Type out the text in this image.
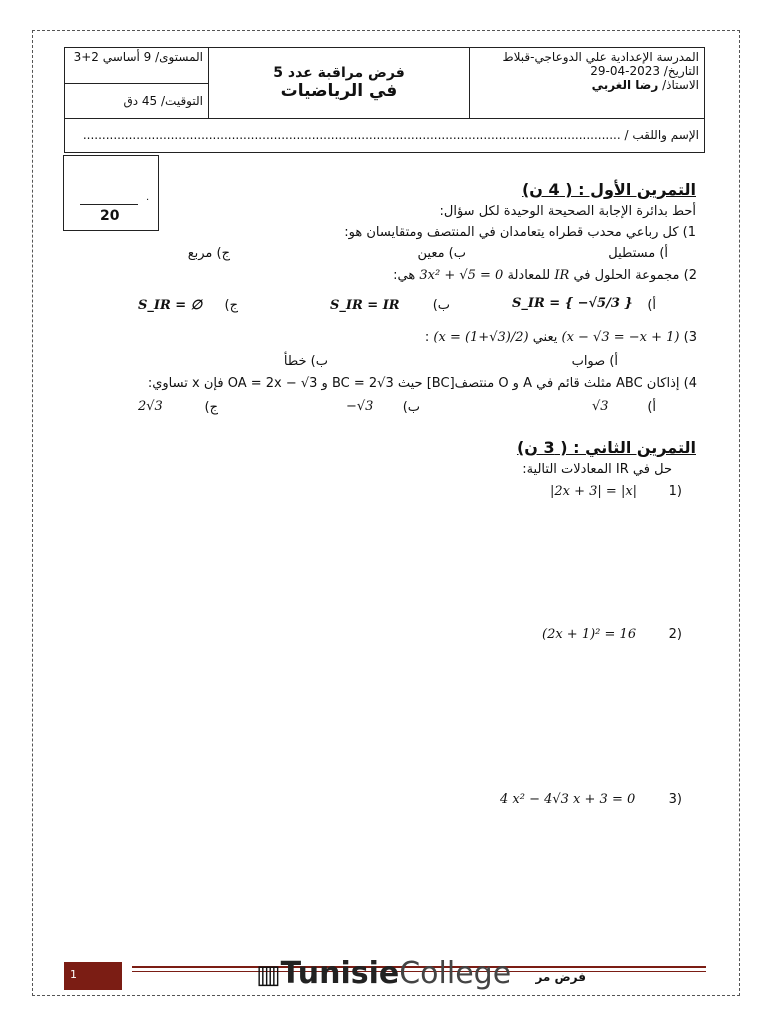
المستوى/ 9 أساسي 2+3	
فرض مراقبة عدد 5
في الرياضيات

المدرسة الإعدادية علي الدوعاجي-قبلاط
التاريخ/ 2023-04-29
الاستاذ/ رضا الغربي

التوقيت/ 45 دق
الإسم واللقب / .............................................................................................................................................
20
.	التمرين الأول : ( 4 ن)
أحط بدائرة الإجابة الصحيحة الوحيدة لكل سؤال:
1) كل رباعي محدب قطراه يتعامدان في المنتصف ومتقايسان هو:
أ) مستطيل
ب) معين
ج) مربع
2) مجموعة الحلول في IR للمعادلة 3x² + √5 = 0 هي:
أ)
S_IR = { −√5/3 }
ب)
S_IR = IR
ج)
S_IR = ∅
3) (x − √3 = −x + 1) يعني (x = (1+√3)/2) :
أ) صواب
ب) خطأ
4) إذاكان ABC مثلث قائم في A و O منتصف[BC] حيث BC = 2√3 و OA = 2x − √3 فإن x تساوي:
أ)
√3
ب)
−√3
ج)
2√3
التمرين الثاني : ( 3 ن)
حل في IR المعادلات التالية:
1)
|2x + 3| = |x|
2)
(2x + 1)² = 16
3)
4 x² − 4√3 x + 3 = 0
1	▥TunisieCollege فرض مر
